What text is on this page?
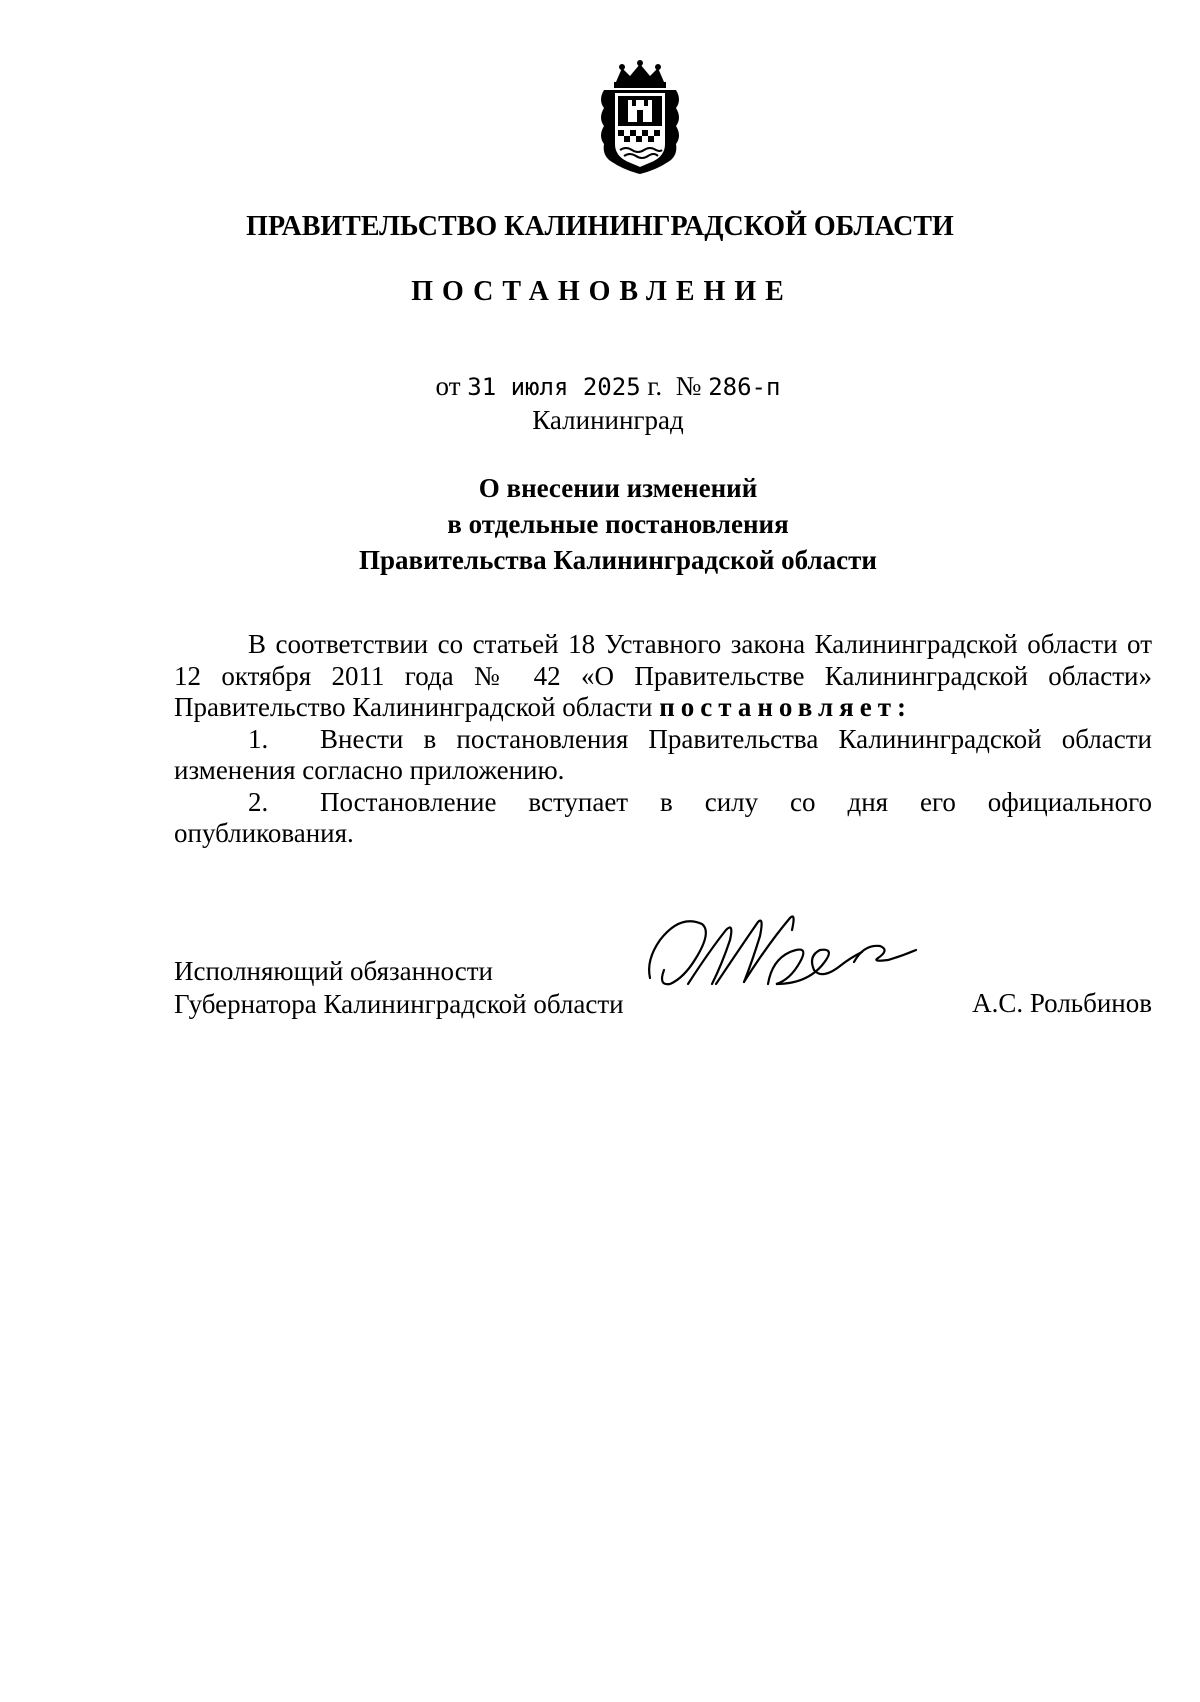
ПРАВИТЕЛЬСТВО КАЛИНИНГРАДСКОЙ ОБЛАСТИ
ПОСТАНОВЛЕНИЕ
от 31 июля 2025 г. № 286-п
Калининград
О внесении изменений
в отдельные постановления
Правительства Калининградской области

В соответствии со статьей 18 Уставного закона Калининградской области от 12 октября 2011 года № 42 «О Правительстве Калининградской области» Правительство Калининградской области постановляет:

1. Внести в постановления Правительства Калининградской области изменения согласно приложению.

2. Постановление вступает в силу со дня его официального опубликования.

Исполняющий обязанности
Губернатора Калининградской области	А.С. Рольбинов
